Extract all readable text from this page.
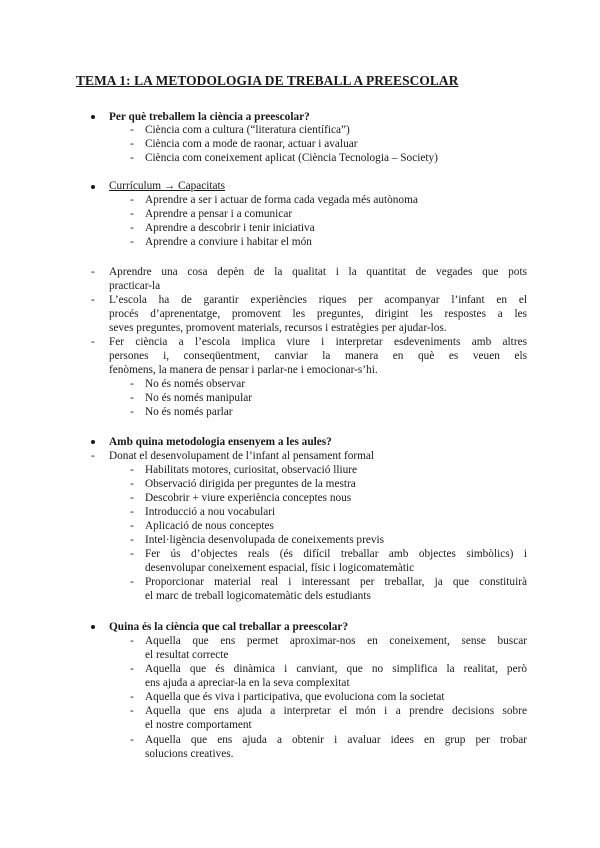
TEMA 1: LA METODOLOGIA DE TREBALL A PREESCOLAR
Per què treballem la ciència a preescolar?
- Ciència com a cultura (“literatura científica”)
- Ciència com a mode de raonar, actuar i avaluar
- Ciència com coneixement aplicat (Ciència Tecnologia – Society)
Currículum → Capacitats
- Aprendre a ser i actuar de forma cada vegada més autònoma
- Aprendre a pensar i a comunicar
- Aprendre a descobrir i tenir iniciativa
- Aprendre a conviure i habitar el món
- Aprendre una cosa depèn de la qualitat i la quantitat de vegades que pots
practicar-la
- L’escola ha de garantir experiències riques per acompanyar l’infant en el
procés d’aprenentatge, promovent les preguntes, dirigint les respostes a les
seves preguntes, promovent materials, recursos i estratègies per ajudar-los.
- Fer ciència a l’escola implica viure i interpretar esdeveniments amb altres
persones i, conseqüentment, canviar la manera en què es veuen els
fenòmens, la manera de pensar i parlar-ne i emocionar-s’hi.
- No és només observar
- No és només manipular
- No és només parlar
Amb quina metodologia ensenyem a les aules?
- Donat el desenvolupament de l’infant al pensament formal
- Habilitats motores, curiositat, observació lliure
- Observació dirigida per preguntes de la mestra
- Descobrir + viure experiència conceptes nous
- Introducció a nou vocabulari
- Aplicació de nous conceptes
- Intel·ligència desenvolupada de coneixements previs
- Fer ús d’objectes reals (és difícil treballar amb objectes simbòlics) i
desenvolupar coneixement espacial, físic i logicomatemàtic
- Proporcionar material real i interessant per treballar, ja que constituirà
el marc de treball logicomatemàtic dels estudiants
Quina és la ciència que cal treballar a preescolar?
- Aquella que ens permet aproximar-nos en coneixement, sense buscar
el resultat correcte
- Aquella que és dinàmica i canviant, que no simplifica la realitat, però
ens ajuda a apreciar-la en la seva complexitat
- Aquella que és viva i participativa, que evoluciona com la societat
- Aquella que ens ajuda a interpretar el món i a prendre decisions sobre
el nostre comportament
- Aquella que ens ajuda a obtenir i avaluar idees en grup per trobar
solucions creatives.
